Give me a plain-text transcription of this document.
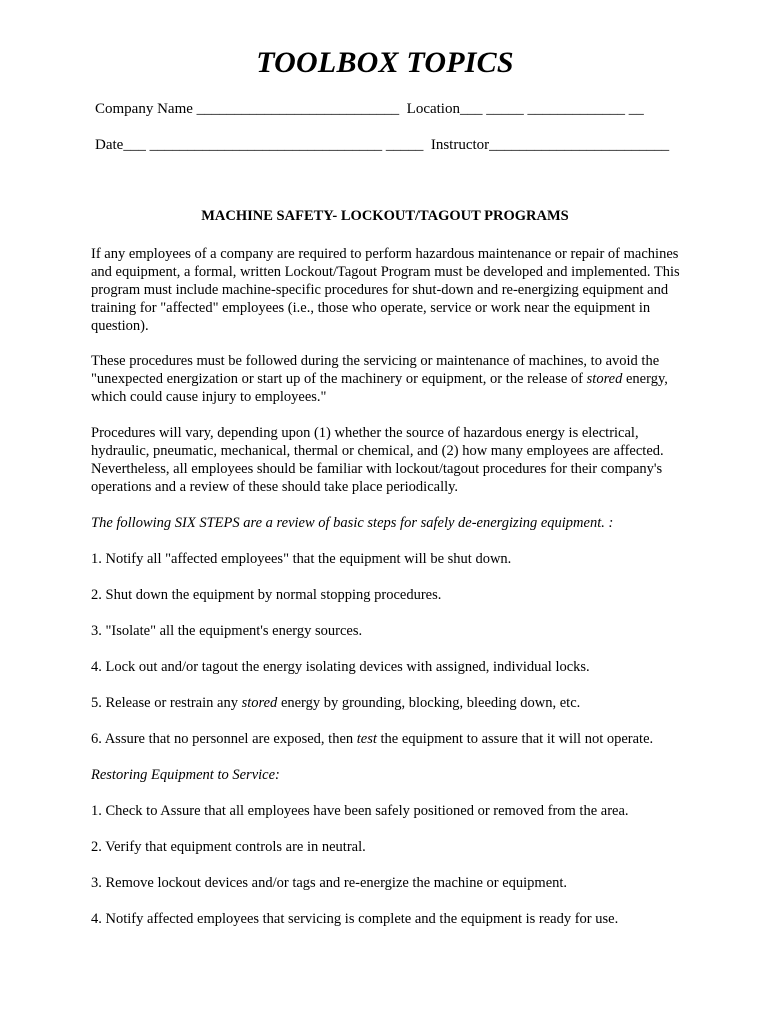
TOOLBOX TOPICS
Company Name ___________________________  Location___ _____ _____________ __
Date___ _______________________________ _____  Instructor________________________
MACHINE SAFETY- LOCKOUT/TAGOUT PROGRAMS

If any employees of a company are required to perform hazardous maintenance or repair of machines and equipment, a formal, written Lockout/Tagout Program must be developed and implemented. This program must include machine-specific procedures for shut-down and re-energizing equipment and training for "affected" employees (i.e., those who operate, service or work near the equipment in question).

These procedures must be followed during the servicing or maintenance of machines, to avoid the "unexpected energization or start up of the machinery or equipment, or the release of stored energy, which could cause injury to employees."

Procedures will vary, depending upon (1) whether the source of hazardous energy is electrical, hydraulic, pneumatic, mechanical, thermal or chemical, and (2) how many employees are affected. Nevertheless, all employees should be familiar with lockout/tagout procedures for their company's operations and a review of these should take place periodically.

The following SIX STEPS are a review of basic steps for safely de-energizing equipment. :

1. Notify all "affected employees" that the equipment will be shut down.
2. Shut down the equipment by normal stopping procedures.
3. "Isolate" all the equipment's energy sources.
4. Lock out and/or tagout the energy isolating devices with assigned, individual locks.
5. Release or restrain any stored energy by grounding, blocking, bleeding down, etc.
6. Assure that no personnel are exposed, then test the equipment to assure that it will not operate.
Restoring Equipment to Service:
1. Check to Assure that all employees have been safely positioned or removed from the area.
2. Verify that equipment controls are in neutral.
3. Remove lockout devices and/or tags and re-energize the machine or equipment.
4. Notify affected employees that servicing is complete and the equipment is ready for use.
